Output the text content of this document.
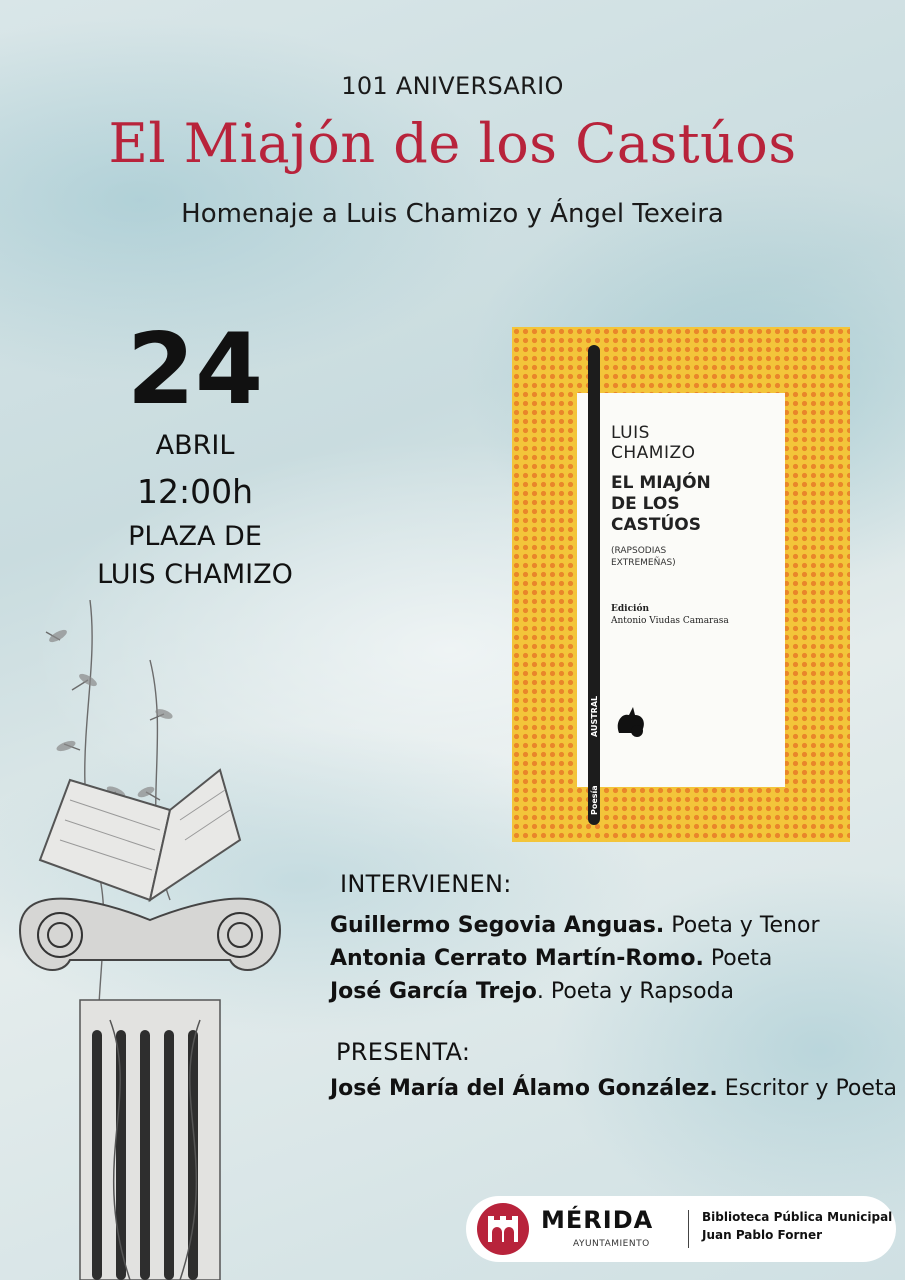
101 ANIVERSARIO
El Miajón de los Castúos
Homenaje a Luis Chamizo y Ángel Texeira
24
ABRIL
12:00h
PLAZA DE
LUIS CHAMIZO
LUIS
CHAMIZO
EL MIAJÓN
DE LOS
CASTÚOS
(RAPSODIAS
EXTREMEÑAS)
Edición
Antonio Viudas Camarasa
AUSTRAL
Poesía
INTERVIENEN:
Guillermo Segovia Anguas. Poeta y Tenor
Antonia Cerrato Martín-Romo. Poeta
José García Trejo. Poeta y Rapsoda
PRESENTA:
José María del Álamo González. Escritor y Poeta
MÉRIDA
AYUNTAMIENTO
Biblioteca Pública Municipal
Juan Pablo Forner
